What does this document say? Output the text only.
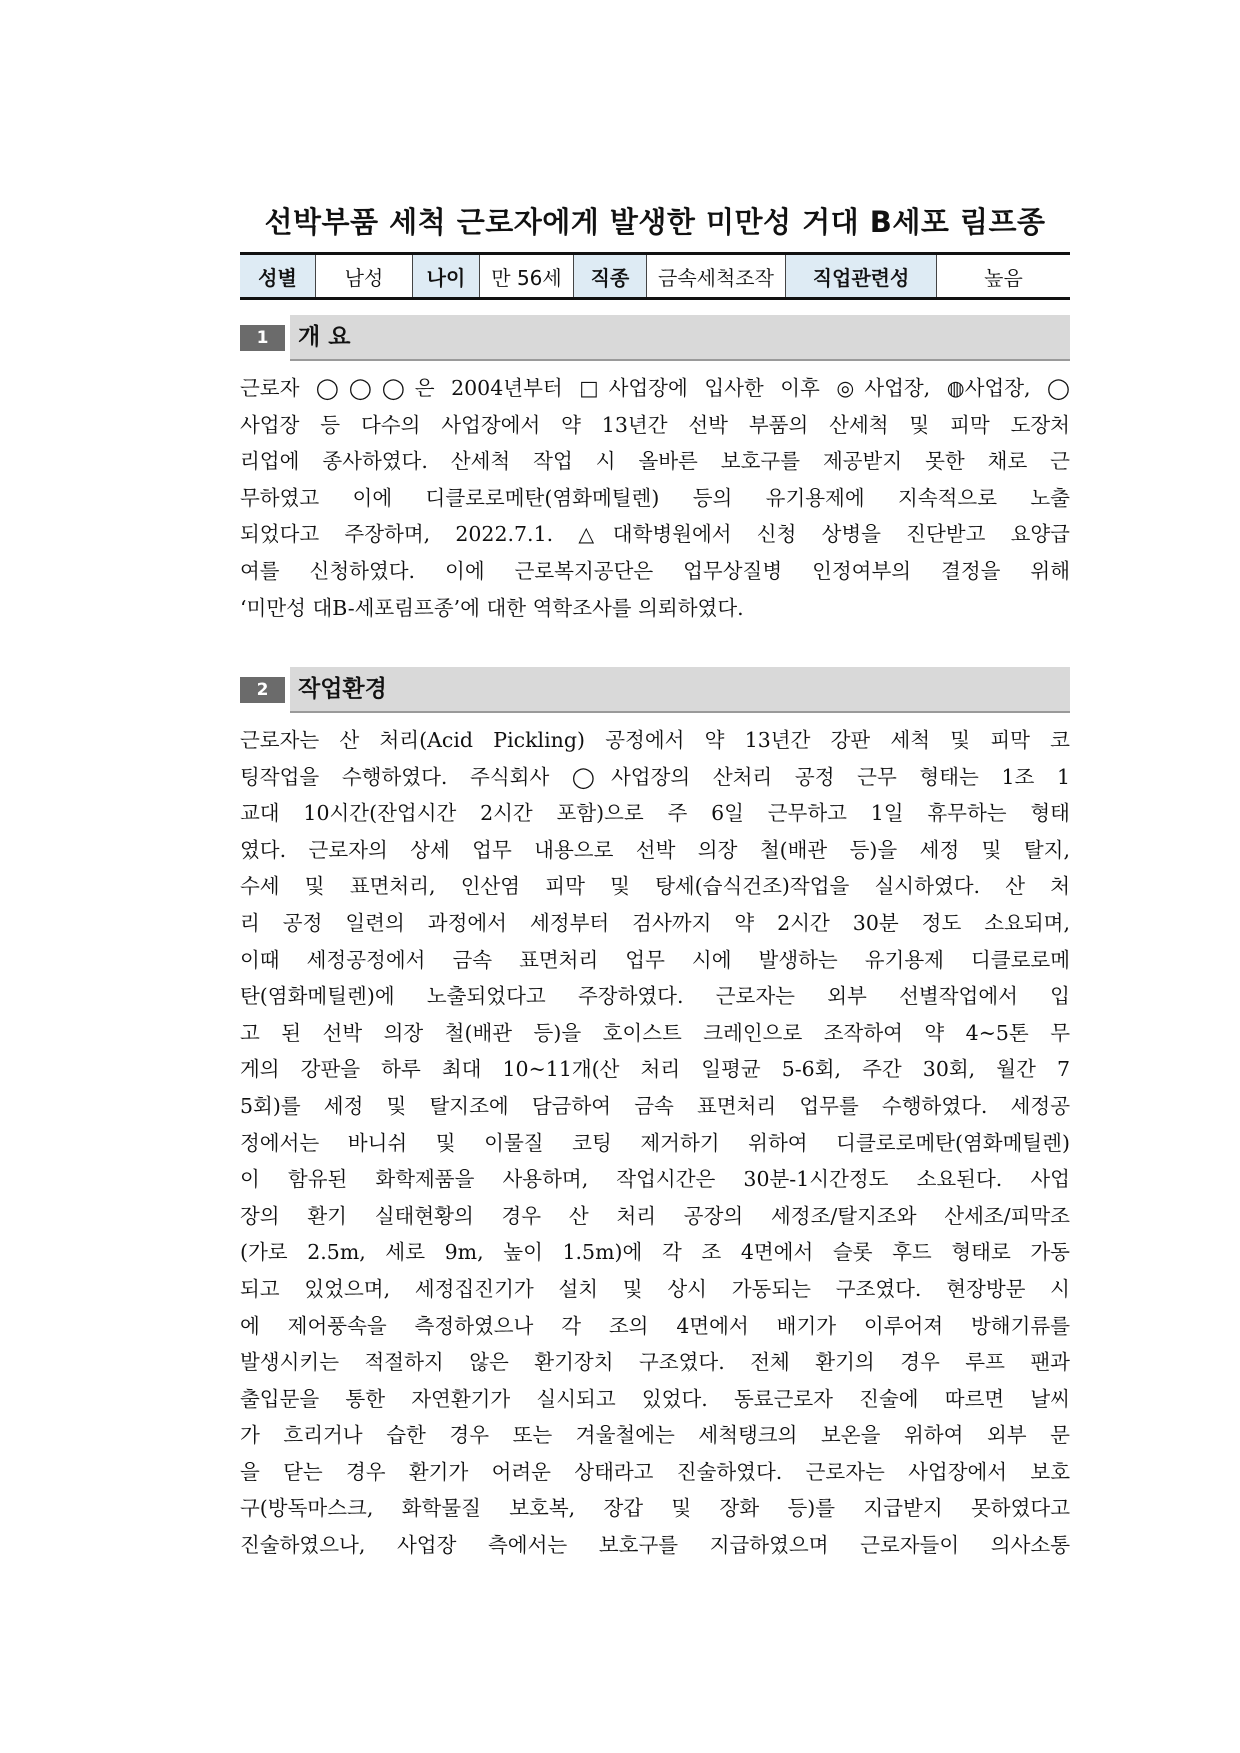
선박부품 세척 근로자에게 발생한 미만성 거대 B세포 림프종
성별	남성	나이	만 56세	직종	금속세척조작	직업관련성	높음
1	개 요
근로자 ◯◯◯은 2004년부터 □사업장에 입사한 이후 ◎사업장, ◍사업장, ◯
사업장 등 다수의 사업장에서 약 13년간 선박 부품의 산세척 및 피막 도장처
리업에 종사하였다. 산세척 작업 시 올바른 보호구를 제공받지 못한 채로 근
무하였고 이에 디클로로메탄(염화메틸렌) 등의 유기용제에 지속적으로 노출
되었다고 주장하며, 2022.7.1. △대학병원에서 신청 상병을 진단받고 요양급
여를 신청하였다. 이에 근로복지공단은 업무상질병 인정여부의 결정을 위해
‘미만성 대B-세포림프종’에 대한 역학조사를 의뢰하였다.
2	작업환경
근로자는 산 처리(Acid Pickling) 공정에서 약 13년간 강판 세척 및 피막 코
팅작업을 수행하였다. 주식회사 ◯사업장의 산처리 공정 근무 형태는 1조 1
교대 10시간(잔업시간 2시간 포함)으로 주 6일 근무하고 1일 휴무하는 형태
였다. 근로자의 상세 업무 내용으로 선박 의장 철(배관 등)을 세정 및 탈지,
수세 및 표면처리, 인산염 피막 및 탕세(습식건조)작업을 실시하였다. 산 처
리 공정 일련의 과정에서 세정부터 검사까지 약 2시간 30분 정도 소요되며,
이때 세정공정에서 금속 표면처리 업무 시에 발생하는 유기용제 디클로로메
탄(염화메틸렌)에 노출되었다고 주장하였다. 근로자는 외부 선별작업에서 입
고 된 선박 의장 철(배관 등)을 호이스트 크레인으로 조작하여 약 4~5톤 무
게의 강판을 하루 최대 10~11개(산 처리 일평균 5-6회, 주간 30회, 월간 7
5회)를 세정 및 탈지조에 담금하여 금속 표면처리 업무를 수행하였다. 세정공
정에서는 바니쉬 및 이물질 코팅 제거하기 위하여 디클로로메탄(염화메틸렌)
이 함유된 화학제품을 사용하며, 작업시간은 30분-1시간정도 소요된다. 사업
장의 환기 실태현황의 경우 산 처리 공장의 세정조/탈지조와 산세조/피막조
(가로 2.5m, 세로 9m, 높이 1.5m)에 각 조 4면에서 슬롯 후드 형태로 가동
되고 있었으며, 세정집진기가 설치 및 상시 가동되는 구조였다. 현장방문 시
에 제어풍속을 측정하였으나 각 조의 4면에서 배기가 이루어져 방해기류를
발생시키는 적절하지 않은 환기장치 구조였다. 전체 환기의 경우 루프 팬과
출입문을 통한 자연환기가 실시되고 있었다. 동료근로자 진술에 따르면 날씨
가 흐리거나 습한 경우 또는 겨울철에는 세척탱크의 보온을 위하여 외부 문
을 닫는 경우 환기가 어려운 상태라고 진술하였다. 근로자는 사업장에서 보호
구(방독마스크, 화학물질 보호복, 장갑 및 장화 등)를 지급받지 못하였다고
진술하였으나, 사업장 측에서는 보호구를 지급하였으며 근로자들이 의사소통
